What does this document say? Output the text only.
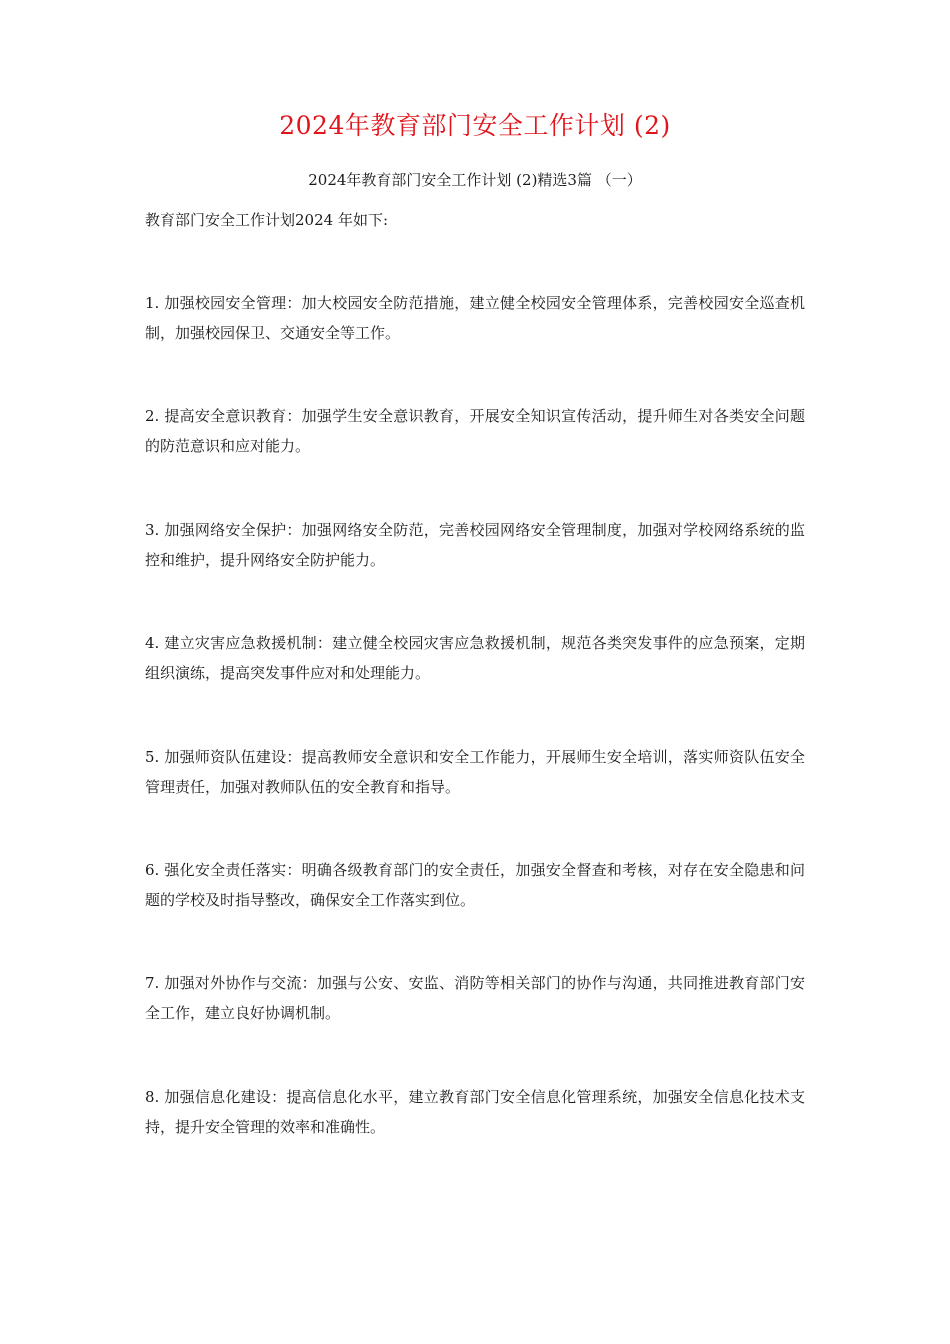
2024年教育部门安全工作计划 (2)

2024年教育部门安全工作计划 (2)精选3篇 （一）

教育部门安全工作计划2024 年如下:

1. 加强校园安全管理：加大校园安全防范措施，建立健全校园安全管理体系，完善校园安全巡查机制，加强校园保卫、交通安全等工作。

2. 提高安全意识教育：加强学生安全意识教育，开展安全知识宣传活动，提升师生对各类安全问题的防范意识和应对能力。

3. 加强网络安全保护：加强网络安全防范，完善校园网络安全管理制度，加强对学校网络系统的监控和维护，提升网络安全防护能力。

4. 建立灾害应急救援机制：建立健全校园灾害应急救援机制，规范各类突发事件的应急预案，定期组织演练，提高突发事件应对和处理能力。

5. 加强师资队伍建设：提高教师安全意识和安全工作能力，开展师生安全培训，落实师资队伍安全管理责任，加强对教师队伍的安全教育和指导。

6. 强化安全责任落实：明确各级教育部门的安全责任，加强安全督查和考核，对存在安全隐患和问题的学校及时指导整改，确保安全工作落实到位。

7. 加强对外协作与交流：加强与公安、安监、消防等相关部门的协作与沟通，共同推进教育部门安全工作，建立良好协调机制。

8. 加强信息化建设：提高信息化水平，建立教育部门安全信息化管理系统，加强安全信息化技术支持，提升安全管理的效率和准确性。
